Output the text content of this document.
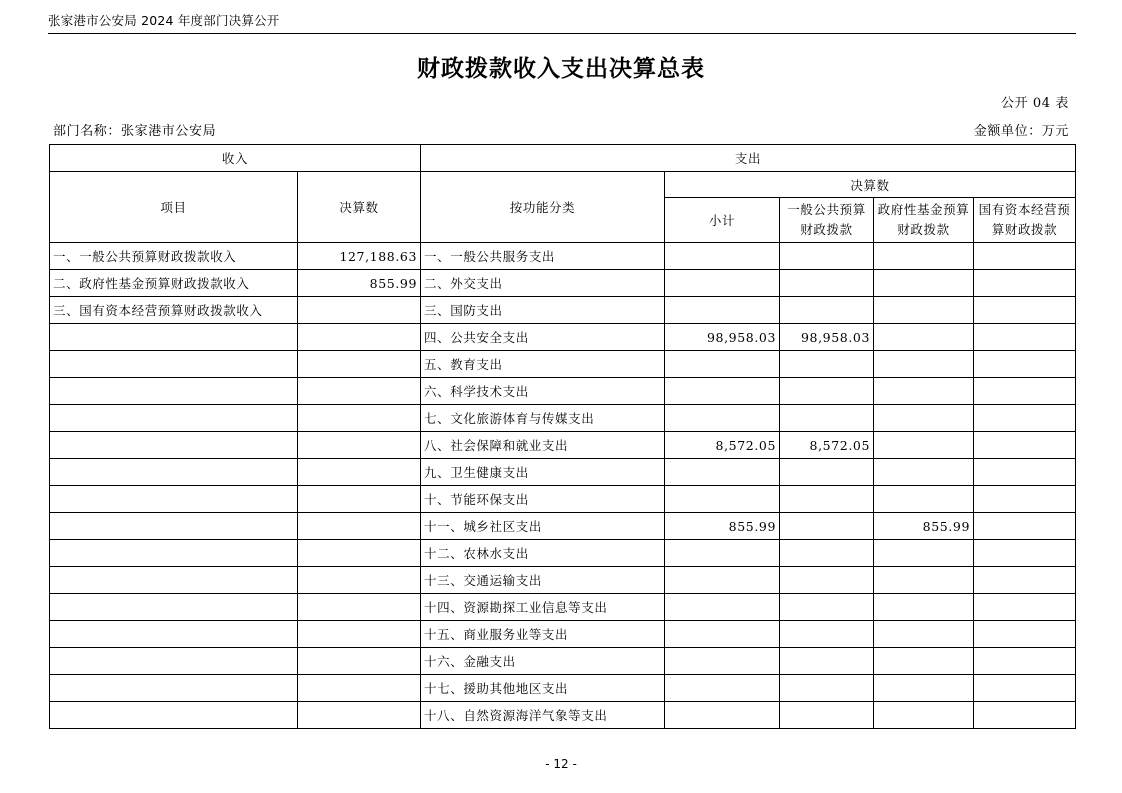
张家港市公安局 2024 年度部门决算公开
财政拨款收入支出决算总表
公开 04 表
部门名称：张家港市公安局	金额单位：万元
收入		支出				
项目	决算数	按功能分类	决算数			
			小计	一般公共预算财政拨款	政府性基金预算财政拨款	国有资本经营预算财政拨款
一、一般公共预算财政拨款收入	127,188.63	一、一般公共服务支出				
二、政府性基金预算财政拨款收入	855.99	二、外交支出				
三、国有资本经营预算财政拨款收入		三、国防支出				
		四、公共安全支出	98,958.03	98,958.03		
		五、教育支出				
		六、科学技术支出				
		七、文化旅游体育与传媒支出				
		八、社会保障和就业支出	8,572.05	8,572.05		
		九、卫生健康支出				
		十、节能环保支出				
		十一、城乡社区支出	855.99		855.99	
		十二、农林水支出				
		十三、交通运输支出				
		十四、资源勘探工业信息等支出				
		十五、商业服务业等支出				
		十六、金融支出				
		十七、援助其他地区支出				
		十八、自然资源海洋气象等支出				
- 12 -
